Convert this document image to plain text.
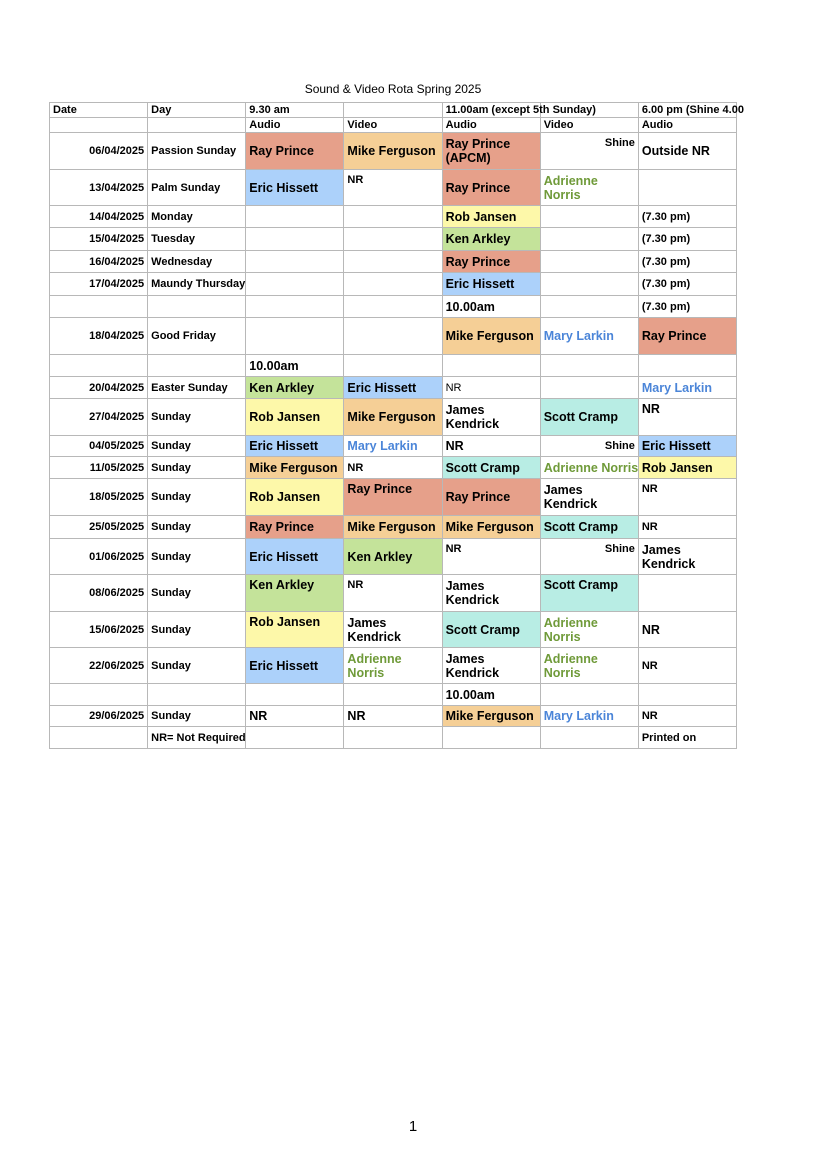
Sound & Video Rota Spring 2025
Date	Day	9.30 am		11.00am (except 5th Sunday)		6.00 pm (Shine 4.00
		Audio	Video	Audio	Video	Audio
06/04/2025	Passion Sunday	Ray Prince	Mike Ferguson	Ray Prince (APCM)	Shine	Outside NR
13/04/2025	Palm Sunday	Eric Hissett	NR	Ray Prince	Adrienne Norris	
14/04/2025	Monday			Rob Jansen		(7.30 pm)
15/04/2025	Tuesday			Ken Arkley		(7.30 pm)
16/04/2025	Wednesday			Ray Prince		(7.30 pm)
17/04/2025	Maundy Thursday			Eric Hissett		(7.30 pm)
				10.00am		(7.30 pm)
18/04/2025	Good Friday			Mike Ferguson	Mary Larkin	Ray Prince
		10.00am				
20/04/2025	Easter Sunday	Ken Arkley	Eric Hissett	NR		Mary Larkin
27/04/2025	Sunday	Rob Jansen	Mike Ferguson	James Kendrick	Scott Cramp	NR
04/05/2025	Sunday	Eric Hissett	Mary Larkin	NR	Shine	Eric Hissett
11/05/2025	Sunday	Mike Ferguson	NR	Scott Cramp	Adrienne Norris	Rob Jansen
18/05/2025	Sunday	Rob Jansen	Ray Prince	Ray Prince	James Kendrick	NR
25/05/2025	Sunday	Ray Prince	Mike Ferguson	Mike Ferguson	Scott Cramp	NR
01/06/2025	Sunday	Eric Hissett	Ken Arkley	NR	Shine	James Kendrick
08/06/2025	Sunday	Ken Arkley	NR	James Kendrick	Scott Cramp	
15/06/2025	Sunday	Rob Jansen	James Kendrick	Scott Cramp	Adrienne Norris	NR
22/06/2025	Sunday	Eric Hissett	Adrienne Norris	James Kendrick	Adrienne Norris	NR
				10.00am		
29/06/2025	Sunday	NR	NR	Mike Ferguson	Mary Larkin	NR
	NR= Not Required					Printed on
1
